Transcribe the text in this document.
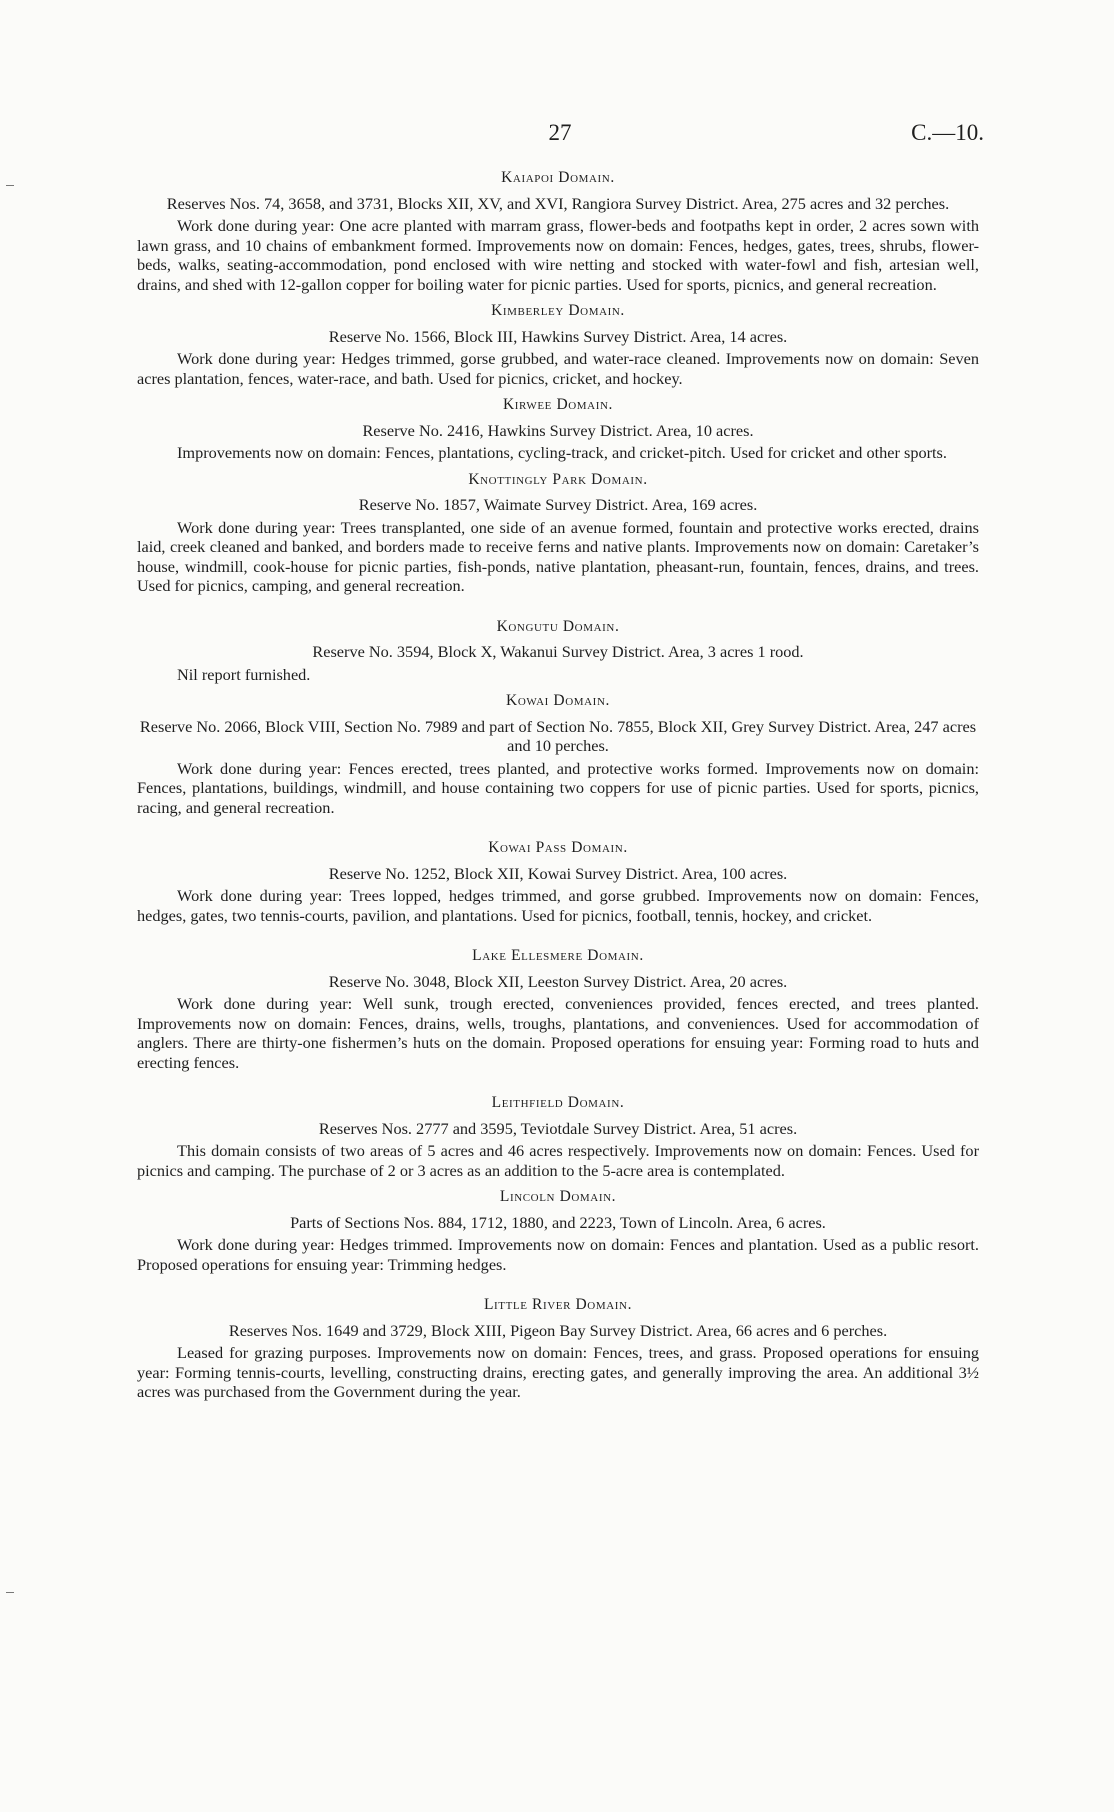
27	C.—10.
Kaiapoi Domain.
Reserves Nos. 74, 3658, and 3731, Blocks XII, XV, and XVI, Rangiora Survey District. Area, 275 acres and 32 perches.

Work done during year: One acre planted with marram grass, flower-beds and footpaths kept in order, 2 acres sown with lawn grass, and 10 chains of embankment formed. Improvements now on domain: Fences, hedges, gates, trees, shrubs, flower-beds, walks, seating-accommodation, pond enclosed with wire netting and stocked with water-fowl and fish, artesian well, drains, and shed with 12-gallon copper for boiling water for picnic parties. Used for sports, picnics, and general recreation.

Kimberley Domain.
Reserve No. 1566, Block III, Hawkins Survey District. Area, 14 acres.

Work done during year: Hedges trimmed, gorse grubbed, and water-race cleaned. Improvements now on domain: Seven acres plantation, fences, water-race, and bath. Used for picnics, cricket, and hockey.

Kirwee Domain.
Reserve No. 2416, Hawkins Survey District. Area, 10 acres.

Improvements now on domain: Fences, plantations, cycling-track, and cricket-pitch. Used for cricket and other sports.

Knottingly Park Domain.
Reserve No. 1857, Waimate Survey District. Area, 169 acres.

Work done during year: Trees transplanted, one side of an avenue formed, fountain and protective works erected, drains laid, creek cleaned and banked, and borders made to receive ferns and native plants. Improvements now on domain: Caretaker’s house, windmill, cook-house for picnic parties, fish-ponds, native plantation, pheasant-run, fountain, fences, drains, and trees. Used for picnics, camping, and general recreation.

Kongutu Domain.
Reserve No. 3594, Block X, Wakanui Survey District. Area, 3 acres 1 rood.

Nil report furnished.

Kowai Domain.
Reserve No. 2066, Block VIII, Section No. 7989 and part of Section No. 7855, Block XII, Grey Survey District. Area, 247 acres and 10 perches.

Work done during year: Fences erected, trees planted, and protective works formed. Improvements now on domain: Fences, plantations, buildings, windmill, and house containing two coppers for use of picnic parties. Used for sports, picnics, racing, and general recreation.

Kowai Pass Domain.
Reserve No. 1252, Block XII, Kowai Survey District. Area, 100 acres.

Work done during year: Trees lopped, hedges trimmed, and gorse grubbed. Improvements now on domain: Fences, hedges, gates, two tennis-courts, pavilion, and plantations. Used for picnics, football, tennis, hockey, and cricket.

Lake Ellesmere Domain.
Reserve No. 3048, Block XII, Leeston Survey District. Area, 20 acres.

Work done during year: Well sunk, trough erected, conveniences provided, fences erected, and trees planted. Improvements now on domain: Fences, drains, wells, troughs, plantations, and conveniences. Used for accommodation of anglers. There are thirty-one fishermen’s huts on the domain. Proposed operations for ensuing year: Forming road to huts and erecting fences.

Leithfield Domain.
Reserves Nos. 2777 and 3595, Teviotdale Survey District. Area, 51 acres.

This domain consists of two areas of 5 acres and 46 acres respectively. Improvements now on domain: Fences. Used for picnics and camping. The purchase of 2 or 3 acres as an addition to the 5-acre area is contemplated.

Lincoln Domain.
Parts of Sections Nos. 884, 1712, 1880, and 2223, Town of Lincoln. Area, 6 acres.

Work done during year: Hedges trimmed. Improvements now on domain: Fences and plantation. Used as a public resort. Proposed operations for ensuing year: Trimming hedges.

Little River Domain.
Reserves Nos. 1649 and 3729, Block XIII, Pigeon Bay Survey District. Area, 66 acres and 6 perches.

Leased for grazing purposes. Improvements now on domain: Fences, trees, and grass. Proposed operations for ensuing year: Forming tennis-courts, levelling, constructing drains, erecting gates, and generally improving the area. An additional 3½ acres was purchased from the Government during the year.
